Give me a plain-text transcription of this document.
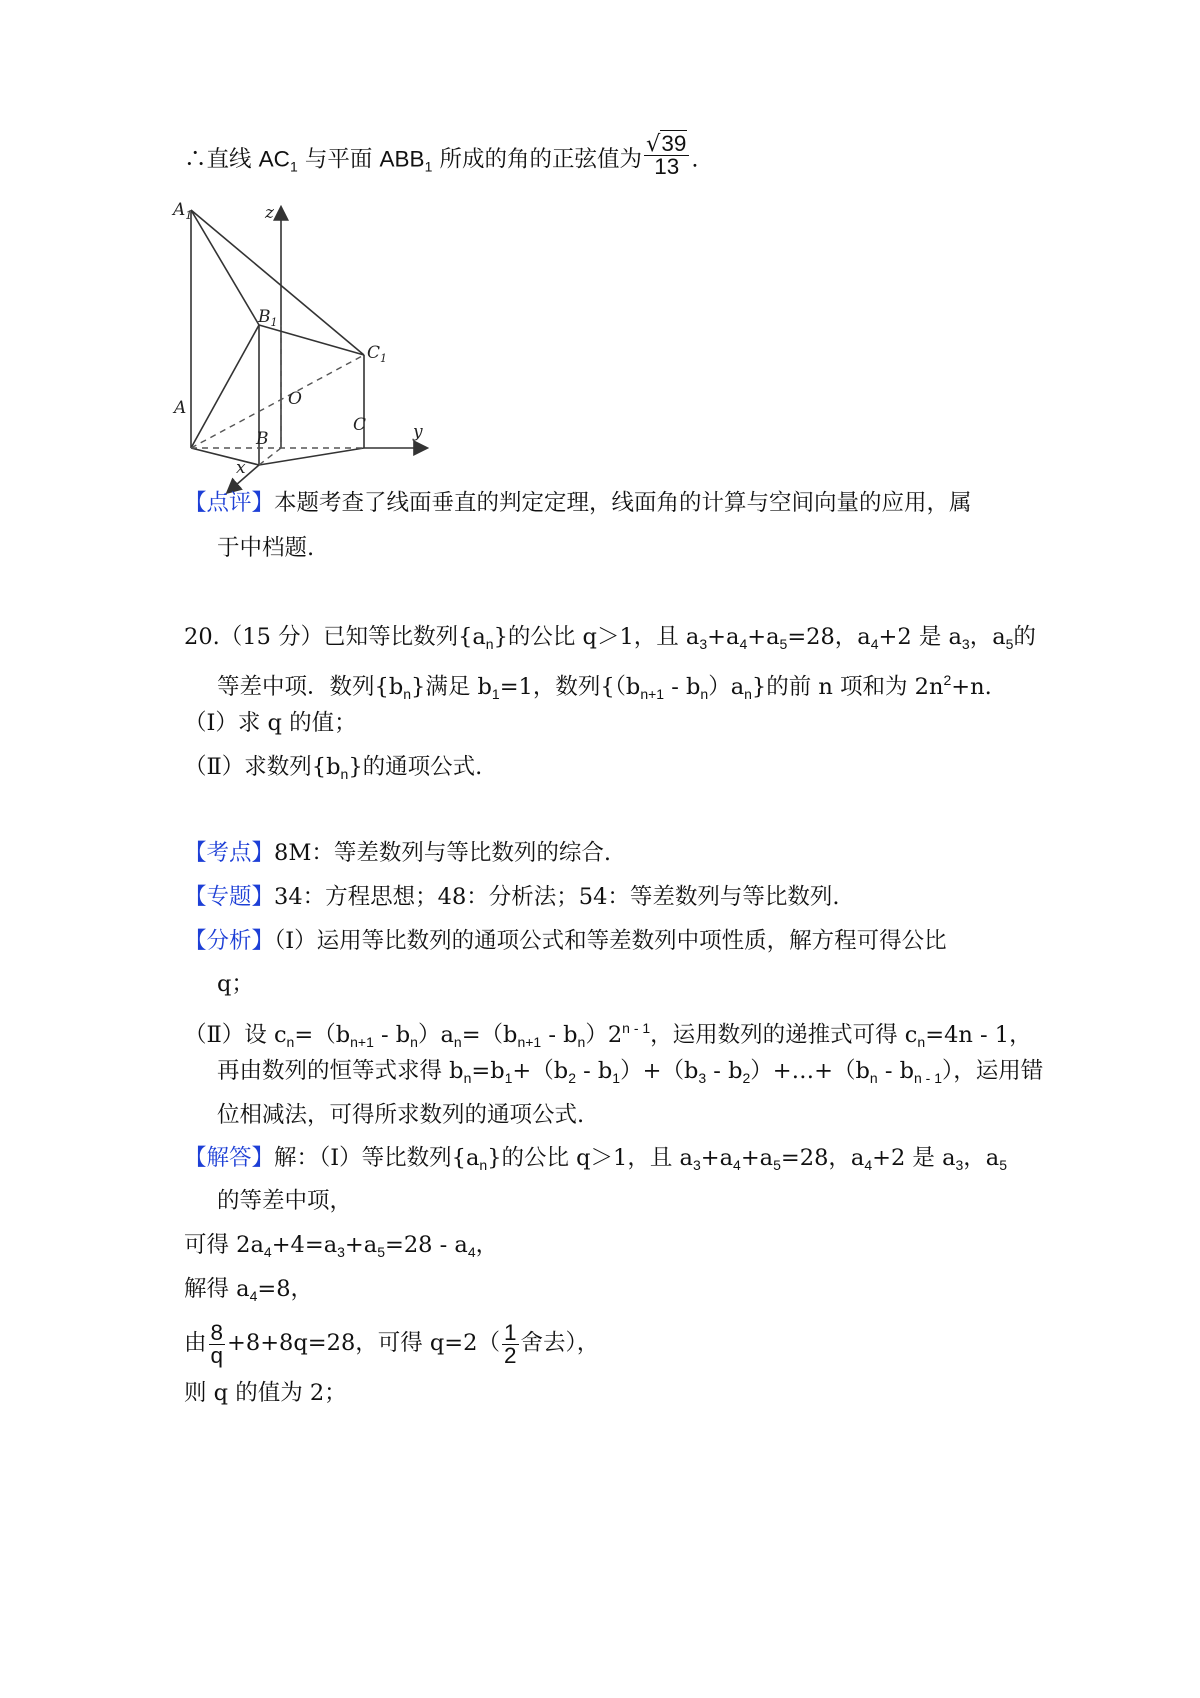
∴直线 $AC_1$ 与平面 $ABB_1$ 所成的角的正弦值为 $\frac{√39}{13}$ .
$A_1$	z
$B_1$
$C_1$
A	O
B
C	y
x
【点评】本题考查了线面垂直的判定定理，线面角的计算与空间向量的应用，属
于中档题.
20.（15 分）已知等比数列$\{a_n\}$的公比 q＞1，且 $a_3+a_4+a_5=28$，$a_4+2$ 是 $a_3$，$a_5$的
等差中项．数列$\{b_n\}$满足 $b_1=1$，数列$\{(b_{n+1} - b_n)a_n\}$的前 n 项和为 $2n^2+n$.
（Ⅰ）求 q 的值；
（Ⅱ）求数列$\{b_n\}$的通项公式.
【考点】8M：等差数列与等比数列的综合.
【专题】34：方程思想；48：分析法；54：等差数列与等比数列.
【分析】（Ⅰ）运用等比数列的通项公式和等差数列中项性质，解方程可得公比
q；
（Ⅱ）设 $c_n=(b_{n+1} - b_n)a_n=(b_{n+1} - b_n)2^{n - 1}$，运用数列的递推式可得 $c_n=4n - 1$，
再由数列的恒等式求得 $b_n=b_1+(b_2 - b_1)+(b_3$ - $b_2)+\dots+(b_n - b_{n - 1})$，运用错
位相减法，可得所求数列的通项公式.
【解答】解：（Ⅰ）等比数列$\{a_n\}$的公比 q＞1，且 $a_3+a_4+a_5=28$，$a_4+2$ 是 $a_3$，$a_5$
的等差中项，
可得 $2a_4+4=a_3+a_5=28 - a_4$，
解得 $a_4=8$，
由 $\frac{8}{q} +8+8q=28$，可得 $q=2( \frac{1}{2}$ 舍去），
则 q 的值为 2；
